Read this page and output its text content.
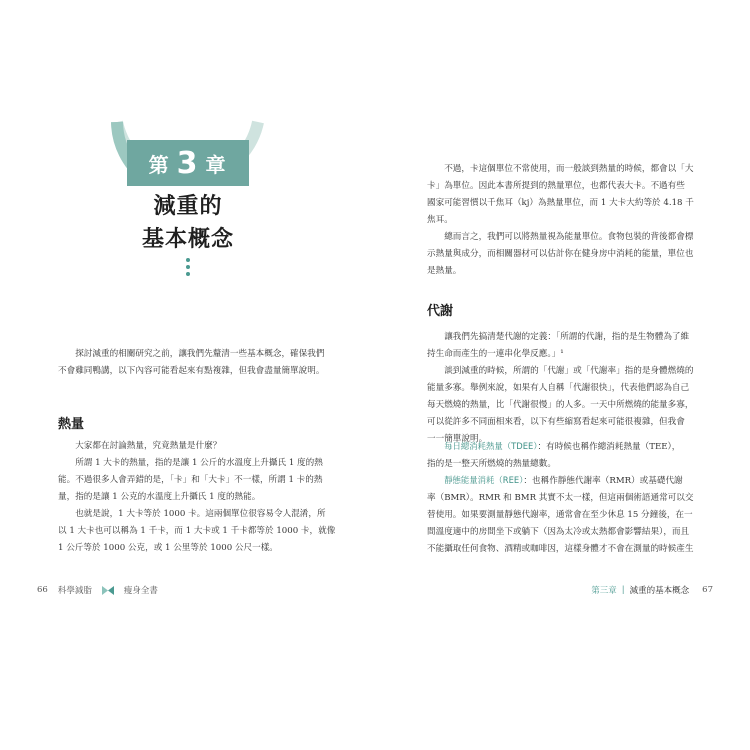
第 3 章
減重的
基本概念

探討減重的相關研究之前，讓我們先釐清一些基本概念，確保我們

不會雞同鴨講，以下內容可能看起來有點複雜，但我會盡量簡單說明。

熱量

大家都在討論熱量，究竟熱量是什麼？

所謂 1 大卡的熱量，指的是讓 1 公斤的水溫度上升攝氏 1 度的熱

能。不過很多人會弄錯的是，「卡」和「大卡」不一樣，所謂 1 卡的熱

量，指的是讓 1 公克的水溫度上升攝氏 1 度的熱能。

也就是說，1 大卡等於 1000 卡。這兩個單位很容易令人混淆，所

以 1 大卡也可以稱為 1 千卡，而 1 大卡或 1 千卡都等於 1000 卡，就像

1 公斤等於 1000 公克，或 1 公里等於 1000 公尺一樣。

66 科學減脂	瘦身全書

不過，卡這個單位不常使用，而一般談到熱量的時候，都會以「大

卡」為單位。因此本書所提到的熱量單位，也都代表大卡。不過有些

國家可能習慣以千焦耳（kj）為熱量單位，而 1 大卡大約等於 4.18 千

焦耳。

總而言之，我們可以將熱量視為能量單位。食物包裝的背後都會標

示熱量與成分，而相關器材可以估計你在健身房中消耗的能量，單位也

是熱量。

代謝

讓我們先搞清楚代謝的定義：「所謂的代謝，指的是生物體為了維

持生命而產生的一連串化學反應。」¹

談到減重的時候，所謂的「代謝」或「代謝率」指的是身體燃燒的

能量多寡。舉例來說，如果有人自稱「代謝很快」，代表他們認為自己

每天燃燒的熱量，比「代謝很慢」的人多。一天中所燃燒的能量多寡，

可以從許多不同面相來看，以下有些縮寫看起來可能很複雜，但我會

一一簡單說明。

每日總消耗熱量（TDEE）：有時候也稱作總消耗熱量（TEE），

指的是一整天所燃燒的熱量總數。

靜態能量消耗（REE）：也稱作靜態代謝率（RMR）或基礎代謝

率（BMR）。RMR 和 BMR 其實不太一樣，但這兩個術語通常可以交

替使用。如果要測量靜態代謝率，通常會在至少休息 15 分鐘後，在一

間溫度適中的房間坐下或躺下（因為太冷或太熱都會影響結果），而且

不能攝取任何食物、酒精或咖啡因，這樣身體才不會在測量的時候產生

第三章 | 減重的基本概念 67
